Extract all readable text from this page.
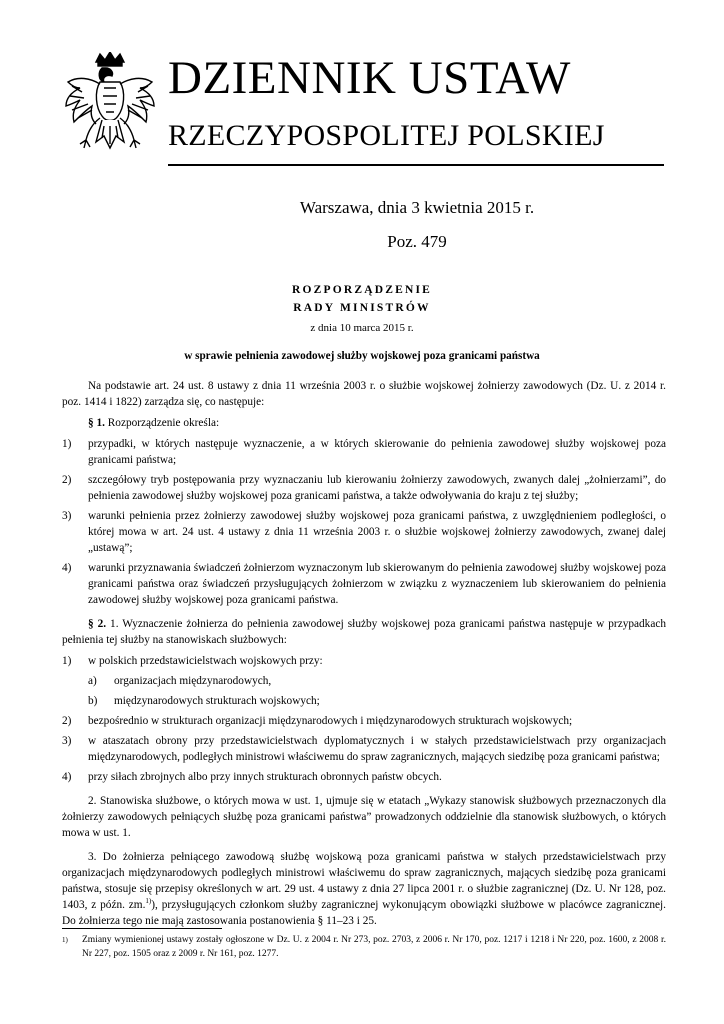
DZIENNIK USTAW
RZECZYPOSPOLITEJ POLSKIEJ
Warszawa, dnia 3 kwietnia 2015 r.
Poz. 479
ROZPORZĄDZENIE
RADY MINISTRÓW
z dnia 10 marca 2015 r.
w sprawie pełnienia zawodowej służby wojskowej poza granicami państwa

Na podstawie art. 24 ust. 8 ustawy z dnia 11 września 2003 r. o służbie wojskowej żołnierzy zawodowych (Dz. U. z 2014 r. poz. 1414 i 1822) zarządza się, co następuje:

§ 1. Rozporządzenie określa:

1) przypadki, w których następuje wyznaczenie, a w których skierowanie do pełnienia zawodowej służby wojskowej poza granicami państwa;
2) szczegółowy tryb postępowania przy wyznaczaniu lub kierowaniu żołnierzy zawodowych, zwanych dalej „żołnierzami”, do pełnienia zawodowej służby wojskowej poza granicami państwa, a także odwoływania do kraju z tej służby;
3) warunki pełnienia przez żołnierzy zawodowej służby wojskowej poza granicami państwa, z uwzględnieniem podległości, o której mowa w art. 24 ust. 4 ustawy z dnia 11 września 2003 r. o służbie wojskowej żołnierzy zawodowych, zwanej dalej „ustawą”;
4) warunki przyznawania świadczeń żołnierzom wyznaczonym lub skierowanym do pełnienia zawodowej służby wojskowej poza granicami państwa oraz świadczeń przysługujących żołnierzom w związku z wyznaczeniem lub skierowaniem do pełnienia zawodowej służby wojskowej poza granicami państwa.

§ 2. 1. Wyznaczenie żołnierza do pełnienia zawodowej służby wojskowej poza granicami państwa następuje w przypadkach pełnienia tej służby na stanowiskach służbowych:

1) w polskich przedstawicielstwach wojskowych przy:
a) organizacjach międzynarodowych,
b) międzynarodowych strukturach wojskowych;
2) bezpośrednio w strukturach organizacji międzynarodowych i międzynarodowych strukturach wojskowych;
3) w ataszatach obrony przy przedstawicielstwach dyplomatycznych i w stałych przedstawicielstwach przy organizacjach międzynarodowych, podległych ministrowi właściwemu do spraw zagranicznych, mających siedzibę poza granicami państwa;
4) przy siłach zbrojnych albo przy innych strukturach obronnych państw obcych.

2. Stanowiska służbowe, o których mowa w ust. 1, ujmuje się w etatach „Wykazy stanowisk służbowych przeznaczonych dla żołnierzy zawodowych pełniących służbę poza granicami państwa” prowadzonych oddzielnie dla stanowisk służbowych, o których mowa w ust. 1.

3. Do żołnierza pełniącego zawodową służbę wojskową poza granicami państwa w stałych przedstawicielstwach przy organizacjach międzynarodowych podległych ministrowi właściwemu do spraw zagranicznych, mających siedzibę poza granicami państwa, stosuje się przepisy określonych w art. 29 ust. 4 ustawy z dnia 27 lipca 2001 r. o służbie zagranicznej (Dz. U. Nr 128, poz. 1403, z późn. zm.$^{1)}$), przysługujących członkom służby zagranicznej wykonującym obowiązki służbowe w placówce zagranicznej. Do żołnierza tego nie mają zastosowania postanowienia § 11–23 i 25.

1)	Zmiany wymienionej ustawy zostały ogłoszone w Dz. U. z 2004 r. Nr 273, poz. 2703, z 2006 r. Nr 170, poz. 1217 i 1218 i Nr 220, poz. 1600, z 2008 r. Nr 227, poz. 1505 oraz z 2009 r. Nr 161, poz. 1277.
